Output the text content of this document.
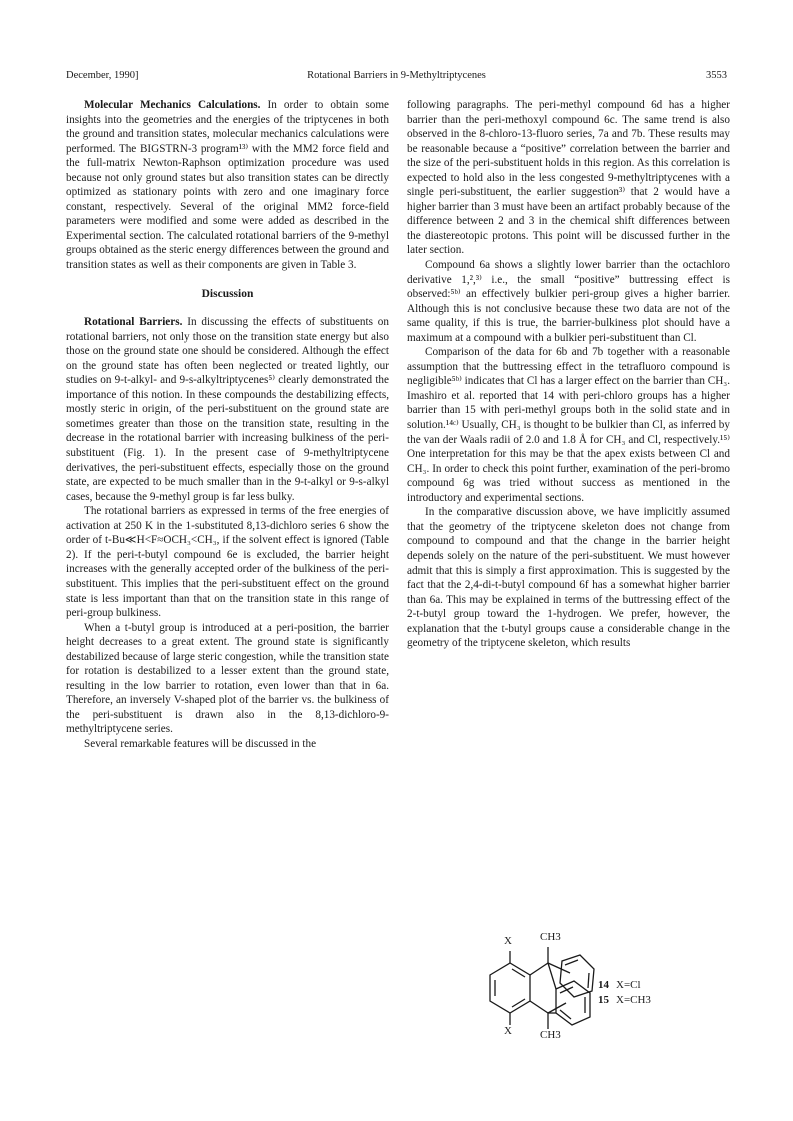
December, 1990]	Rotational Barriers in 9-Methyltriptycenes	3553

Molecular Mechanics Calculations. In order to obtain some insights into the geometries and the energies of the triptycenes in both the ground and transition states, molecular mechanics calculations were performed. The BIGSTRN-3 program¹³⁾ with the MM2 force field and the full-matrix Newton-Raphson optimization procedure was used because not only ground states but also transition states can be directly optimized as stationary points with zero and one imaginary force constant, respectively. Several of the original MM2 force-field parameters were modified and some were added as described in the Experimental section. The calculated rotational barriers of the 9-methyl groups obtained as the steric energy differences between the ground and transition states as well as their components are given in Table 3.

Discussion

Rotational Barriers. In discussing the effects of substituents on rotational barriers, not only those on the transition state energy but also those on the ground state one should be considered. Although the effect on the ground state has often been neglected or treated lightly, our studies on 9-t-alkyl- and 9-s-alkyltriptycenes⁵⁾ clearly demonstrated the importance of this notion. In these compounds the destabilizing effects, mostly steric in origin, of the peri-substituent on the ground state are sometimes greater than those on the transition state, resulting in the decrease in the rotational barrier with increasing bulkiness of the peri-substituent (Fig. 1). In the present case of 9-methyltriptycene derivatives, the peri-substituent effects, especially those on the ground state, are expected to be much smaller than in the 9-t-alkyl or 9-s-alkyl cases, because the 9-methyl group is far less bulky.

The rotational barriers as expressed in terms of the free energies of activation at 250 K in the 1-substituted 8,13-dichloro series 6 show the order of t-Bu≪H<F≈OCH₃<CH₃, if the solvent effect is ignored (Table 2). If the peri-t-butyl compound 6e is excluded, the barrier height increases with the generally accepted order of the bulkiness of the peri-substituent. This implies that the peri-substituent effect on the ground state is less important than that on the transition state in this range of peri-group bulkiness.

When a t-butyl group is introduced at a peri-position, the barrier height decreases to a great extent. The ground state is significantly destabilized because of large steric congestion, while the transition state for rotation is destabilized to a lesser extent than the ground state, resulting in the low barrier to rotation, even lower than that in 6a. Therefore, an inversely V-shaped plot of the barrier vs. the bulkiness of the peri-substituent is drawn also in the 8,13-dichloro-9-methyltriptycene series.

Several remarkable features will be discussed in the

following paragraphs. The peri-methyl compound 6d has a higher barrier than the peri-methoxyl compound 6c. The same trend is also observed in the 8-chloro-13-fluoro series, 7a and 7b. These results may be reasonable because a “positive” correlation between the barrier and the size of the peri-substituent holds in this region. As this correlation is expected to hold also in the less congested 9-methyltriptycenes with a single peri-substituent, the earlier suggestion³⁾ that 2 would have a higher barrier than 3 must have been an artifact probably because of the difference between 2 and 3 in the chemical shift differences between the diastereotopic protons. This point will be discussed further in the later section.

Compound 6a shows a slightly lower barrier than the octachloro derivative 1,²,³⁾ i.e., the small “positive” buttressing effect is observed:⁵ᵇ⁾ an effectively bulkier peri-group gives a higher barrier. Although this is not conclusive because these two data are not of the same quality, if this is true, the barrier-bulkiness plot should have a maximum at a compound with a bulkier peri-substituent than Cl.

Comparison of the data for 6b and 7b together with a reasonable assumption that the buttressing effect in the tetrafluoro compound is negligible⁵ᵇ⁾ indicates that Cl has a larger effect on the barrier than CH₃. Imashiro et al. reported that 14 with peri-chloro groups has a higher barrier than 15 with peri-methyl groups both in the solid state and in solution.¹⁴ᶜ⁾ Usually, CH₃ is thought to be bulkier than Cl, as inferred by the van der Waals radii of 2.0 and 1.8 Å for CH₃ and Cl, respectively.¹⁵⁾ One interpretation for this may be that the apex exists between Cl and CH₃. In order to check this point further, examination of the peri-bromo compound 6g was tried without success as mentioned in the introductory and experimental sections.

In the comparative discussion above, we have implicitly assumed that the geometry of the triptycene skeleton does not change from compound to compound and that the change in the barrier height depends solely on the nature of the peri-substituent. We must however admit that this is simply a first approximation. This is suggested by the fact that the 2,4-di-t-butyl compound 6f has a somewhat higher barrier than 6a. This may be explained in terms of the buttressing effect of the 2-t-butyl group toward the 1-hydrogen. We prefer, however, the explanation that the t-butyl groups cause a considerable change in the geometry of the triptycene skeleton, which results

X
X
CH3
CH3
14 X=Cl
15 X=CH3
